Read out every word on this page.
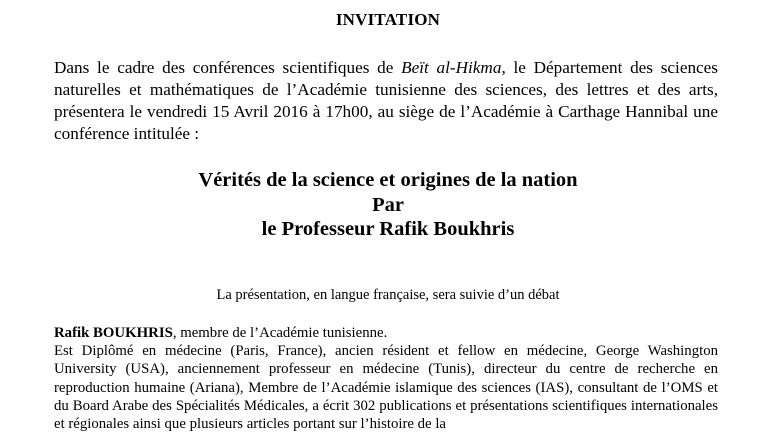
INVITATION

Dans le cadre des conférences scientifiques de Beït al-Hikma, le Département des sciences naturelles et mathématiques de l’Académie tunisienne des sciences, des lettres et des arts, présentera le vendredi 15 Avril 2016 à 17h00, au siège de l’Académie à Carthage Hannibal une conférence intitulée :

Vérités de la science et origines de la nation
Par
le Professeur Rafik Boukhris
La présentation, en langue française, sera suivie d’un débat
Rafik BOUKHRIS, membre de l’Académie tunisienne.
Est Diplômé en médecine (Paris, France), ancien résident et fellow en médecine, George Washington University (USA), anciennement professeur en médecine (Tunis), directeur du centre de recherche en reproduction humaine (Ariana), Membre de l’Académie islamique des sciences (IAS), consultant de l’OMS et du Board Arabe des Spécialités Médicales, a écrit 302 publications et présentations scientifiques internationales et régionales ainsi que plusieurs articles portant sur l’histoire de la
